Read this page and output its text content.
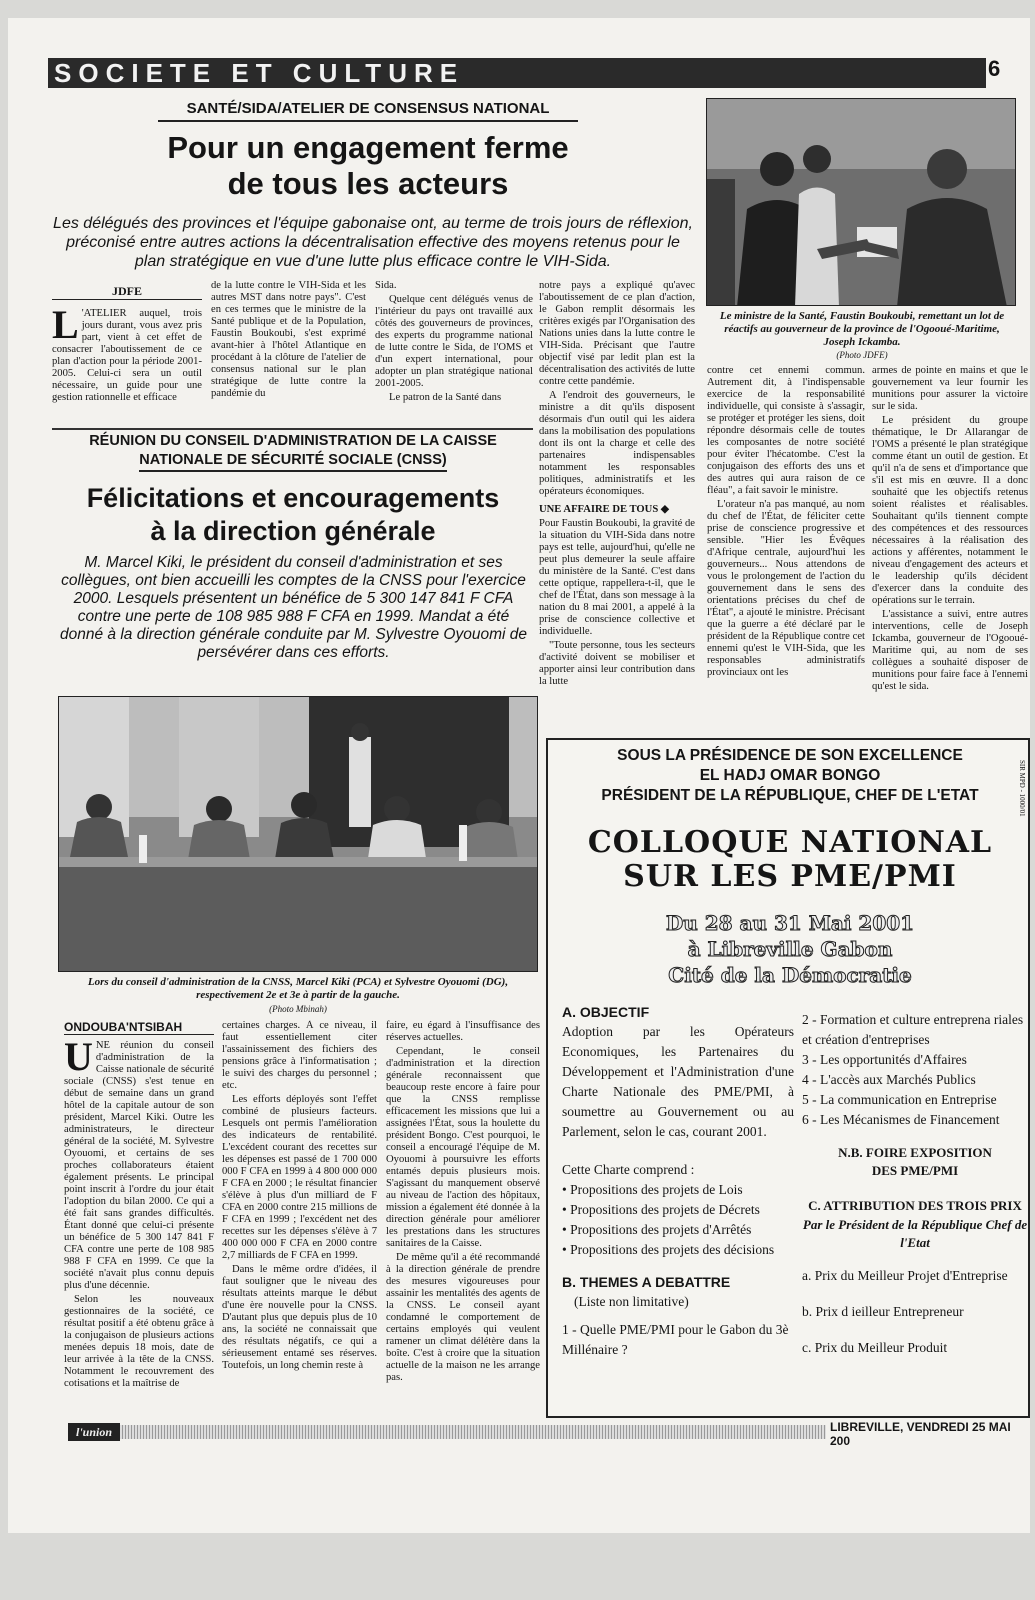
SOCIETE ET CULTURE	6
SANTÉ/SIDA/ATELIER DE CONSENSUS NATIONAL
Pour un engagement ferme
de tous les acteurs
Les délégués des provinces et l'équipe gabonaise ont, au terme de trois jours de réflexion, préconisé entre autres actions la décentralisation effective des moyens retenus pour le plan stratégique en vue d'une lutte plus efficace contre le VIH-Sida.
JDFE
L 'ATELIER auquel, trois jours durant, vous avez pris part, vient à cet effet de consacrer l'aboutissement de ce plan d'action pour la période 2001-2005. Celui-ci sera un outil nécessaire, un guide pour une gestion rationnelle et efficace
de la lutte contre le VIH-Sida et les autres MST dans notre pays". C'est en ces termes que le ministre de la Santé publique et de la Population, Faustin Boukoubi, s'est exprimé avant-hier à l'hôtel Atlantique en procédant à la clôture de l'atelier de consensus national sur le plan stratégique de lutte contre la pandémie du

Sida.

Quelque cent délégués venus de l'intérieur du pays ont travaillé aux côtés des gouverneurs de provinces, des experts du programme national de lutte contre le Sida, de l'OMS et d'un expert international, pour adopter un plan stratégique national 2001-2005.

Le patron de la Santé dans

notre pays a expliqué qu'avec l'aboutissement de ce plan d'action, le Gabon remplit désormais les critères exigés par l'Organisation des Nations unies dans la lutte contre le VIH-Sida. Précisant que l'autre objectif visé par ledit plan est la décentralisation des activités de lutte contre cette pandémie.

A l'endroit des gouverneurs, le ministre a dit qu'ils disposent désormais d'un outil qui les aidera dans la mobilisation des populations dont ils ont la charge et celle des partenaires indispensables notamment les responsables politiques, administratifs et les opérateurs économiques.

UNE AFFAIRE DE TOUS ◆

Pour Faustin Boukoubi, la gravité de la situation du VIH-Sida dans notre pays est telle, aujourd'hui, qu'elle ne peut plus demeurer la seule affaire du ministère de la Santé. C'est dans cette optique, rappellera-t-il, que le chef de l'État, dans son message à la nation du 8 mai 2001, a appelé à la prise de conscience collective et individuelle.

"Toute personne, tous les secteurs d'activité doivent se mobiliser et apporter ainsi leur contribution dans la lutte

Le ministre de la Santé, Faustin Boukoubi, remettant un lot de réactifs au gouverneur de la province de l'Ogooué-Maritime, Joseph Ickamba.
(Photo JDFE)

contre cet ennemi commun. Autrement dit, à l'indispensable exercice de la responsabilité individuelle, qui consiste à s'assagir, se protéger et protéger les siens, doit répondre désormais celle de toutes les composantes de notre société pour éviter l'hécatombe. C'est la conjugaison des efforts des uns et des autres qui aura raison de ce fléau", a fait savoir le ministre.

L'orateur n'a pas manqué, au nom du chef de l'État, de féliciter cette prise de conscience progressive et sensible. "Hier les Évêques d'Afrique centrale, aujourd'hui les gouverneurs... Nous attendons de vous le prolongement de l'action du gouvernement dans le sens des orientations précises du chef de l'État", a ajouté le ministre. Précisant que la guerre a été déclaré par le président de la République contre cet ennemi qu'est le VIH-Sida, que les responsables administratifs provinciaux ont les

armes de pointe en mains et que le gouvernement va leur fournir les munitions pour assurer la victoire sur le sida.

Le président du groupe thématique, le Dr Allarangar de l'OMS a présenté le plan stratégique comme étant un outil de gestion. Et qu'il n'a de sens et d'importance que s'il est mis en œuvre. Il a donc souhaité que les objectifs retenus soient réalistes et réalisables. Souhaitant qu'ils tiennent compte des compétences et des ressources nécessaires à la réalisation des actions y afférentes, notamment le niveau d'engagement des acteurs et le leadership qu'ils décident d'exercer dans la conduite des opérations sur le terrain.

L'assistance a suivi, entre autres interventions, celle de Joseph Ickamba, gouverneur de l'Ogooué-Maritime qui, au nom de ses collègues a souhaité disposer de munitions pour faire face à l'ennemi qu'est le sida.

RÉUNION DU CONSEIL D'ADMINISTRATION DE LA CAISSE
NATIONALE DE SÉCURITÉ SOCIALE (CNSS)
Félicitations et encouragements
à la direction générale
M. Marcel Kiki, le président du conseil d'administration et ses collègues, ont bien accueilli les comptes de la CNSS pour l'exercice 2000. Lesquels présentent un bénéfice de 5 300 147 841 F CFA contre une perte de 108 985 988 F CFA en 1999. Mandat a été donné à la direction générale conduite par M. Sylvestre Oyouomi de persévérer dans ces efforts.
Lors du conseil d'administration de la CNSS, Marcel Kiki (PCA) et Sylvestre Oyouomi (DG), respectivement 2e et 3e à partir de la gauche.
(Photo Mbinah)
ONDOUBA'NTSIBAH

UNE réunion du conseil d'administration de la Caisse nationale de sécurité sociale (CNSS) s'est tenue en début de semaine dans un grand hôtel de la capitale autour de son président, Marcel Kiki. Outre les administrateurs, le directeur général de la société, M. Sylvestre Oyouomi, et certains de ses proches collaborateurs étaient également présents. Le principal point inscrit à l'ordre du jour était l'adoption du bilan 2000. Ce qui a été fait sans grandes difficultés. Étant donné que celui-ci présente un bénéfice de 5 300 147 841 F CFA contre une perte de 108 985 988 F CFA en 1999. Ce que la société n'avait plus connu depuis plus d'une décennie.

Selon les nouveaux gestionnaires de la société, ce résultat positif a été obtenu grâce à la conjugaison de plusieurs actions menées depuis 18 mois, date de leur arrivée à la tête de la CNSS. Notamment le recouvrement des cotisations et la maîtrise de

certaines charges. À ce niveau, il faut essentiellement citer l'assainissement des fichiers des pensions grâce à l'informatisation ; le suivi des charges du personnel ; etc.

Les efforts déployés sont l'effet combiné de plusieurs facteurs. Lesquels ont permis l'amélioration des indicateurs de rentabilité. L'excédent courant des recettes sur les dépenses est passé de 1 700 000 000 F CFA en 1999 à 4 800 000 000 F CFA en 2000 ; le résultat financier s'élève à plus d'un milliard de F CFA en 2000 contre 215 millions de F CFA en 1999 ; l'excédent net des recettes sur les dépenses s'élève à 7 400 000 000 F CFA en 2000 contre 2,7 milliards de F CFA en 1999.

Dans le même ordre d'idées, il faut souligner que le niveau des résultats atteints marque le début d'une ère nouvelle pour la CNSS. D'autant plus que depuis plus de 10 ans, la société ne connaissait que des résultats négatifs, ce qui a sérieusement entamé ses réserves. Toutefois, un long chemin reste à

faire, eu égard à l'insuffisance des réserves actuelles.

Cependant, le conseil d'administration et la direction générale reconnaissent que beaucoup reste encore à faire pour que la CNSS remplisse efficacement les missions que lui a assignées l'État, sous la houlette du président Bongo. C'est pourquoi, le conseil a encouragé l'équipe de M. Oyouomi à poursuivre les efforts entamés depuis plusieurs mois. S'agissant du manquement observé au niveau de l'action des hôpitaux, mission a également été donnée à la direction générale pour améliorer les prestations dans les structures sanitaires de la Caisse.

De même qu'il a été recommandé à la direction générale de prendre des mesures vigoureuses pour assainir les mentalités des agents de la CNSS. Le conseil ayant condamné le comportement de certains employés qui veulent ramener un climat délétère dans la boîte. C'est à croire que la situation actuelle de la maison ne les arrange pas.

SOUS LA PRÉSIDENCE DE SON EXCELLENCE
EL HADJ OMAR BONGO
PRÉSIDENT DE LA RÉPUBLIQUE, CHEF DE L'ETAT
COLLOQUE NATIONAL
SUR LES PME/PMI
Du 28 au 31 Mai 2001
à Libreville Gabon
Cité de la Démocratie
SIR MPD - 1000/01
A. OBJECTIF
Adoption par les Opérateurs Economiques, les Partenaires du Développement et l'Administration d'une Charte Nationale des PME/PMI, à soumettre au Gouvernement ou au Parlement, selon le cas, courant 2001.
Cette Charte comprend :
• Propositions des projets de Lois
• Propositions des projets de Décrets
• Propositions des projets d'Arrêtés
• Propositions des projets des décisions
B. THEMES A DEBATTRE
(Liste non limitative)
1 - Quelle PME/PMI pour le Gabon du 3è Millénaire ?
2 - Formation et culture entreprena riales et création d'entreprises
3 - Les opportunités d'Affaires
4 - L'accès aux Marchés Publics
5 - La communication en Entreprise
6 - Les Mécanismes de Financement
N.B. FOIRE EXPOSITION
DES PME/PMI
C. ATTRIBUTION DES TROIS PRIX
Par le Président de la République Chef de l'Etat
a. Prix du Meilleur Projet d'Entreprise
b. Prix d ieilleur Entrepreneur
c. Prix du Meilleur Produit
l'union	LIBREVILLE, VENDREDI 25 MAI 200
